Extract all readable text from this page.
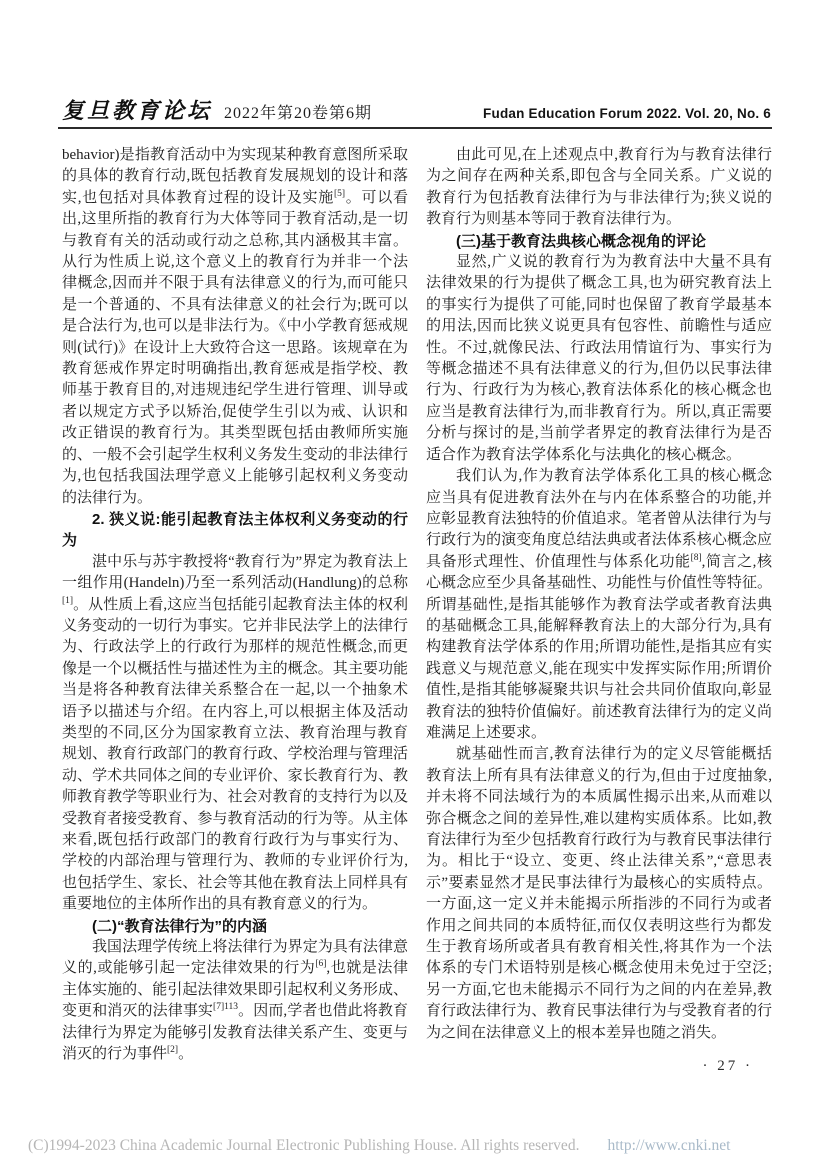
复旦教育论坛 2022年第20卷第6期	Fudan Education Forum 2022. Vol. 20, No. 6

behavior)是指教育活动中为实现某种教育意图所采取的具体的教育行动,既包括教育发展规划的设计和落实,也包括对具体教育过程的设计及实施[5]。可以看出,这里所指的教育行为大体等同于教育活动,是一切与教育有关的活动或行动之总称,其内涵极其丰富。从行为性质上说,这个意义上的教育行为并非一个法律概念,因而并不限于具有法律意义的行为,而可能只是一个普通的、不具有法律意义的社会行为;既可以是合法行为,也可以是非法行为。《中小学教育惩戒规则(试行)》在设计上大致符合这一思路。该规章在为教育惩戒作界定时明确指出,教育惩戒是指学校、教师基于教育目的,对违规违纪学生进行管理、训导或者以规定方式予以矫治,促使学生引以为戒、认识和改正错误的教育行为。其类型既包括由教师所实施的、一般不会引起学生权利义务发生变动的非法律行为,也包括我国法理学意义上能够引起权利义务变动的法律行为。

2. 狭义说:能引起教育法主体权利义务变动的行为

湛中乐与苏宇教授将“教育行为”界定为教育法上一组作用(Handeln)乃至一系列活动(Handlung)的总称[1]。从性质上看,这应当包括能引起教育法主体的权利义务变动的一切行为事实。它并非民法学上的法律行为、行政法学上的行政行为那样的规范性概念,而更像是一个以概括性与描述性为主的概念。其主要功能当是将各种教育法律关系整合在一起,以一个抽象术语予以描述与介绍。在内容上,可以根据主体及活动类型的不同,区分为国家教育立法、教育治理与教育规划、教育行政部门的教育行政、学校治理与管理活动、学术共同体之间的专业评价、家长教育行为、教师教育教学等职业行为、社会对教育的支持行为以及受教育者接受教育、参与教育活动的行为等。从主体来看,既包括行政部门的教育行政行为与事实行为、学校的内部治理与管理行为、教师的专业评价行为,也包括学生、家长、社会等其他在教育法上同样具有重要地位的主体所作出的具有教育意义的行为。

(二)“教育法律行为”的内涵

我国法理学传统上将法律行为界定为具有法律意义的,或能够引起一定法律效果的行为[6],也就是法律主体实施的、能引起法律效果即引起权利义务形成、变更和消灭的法律事实$^{[7]113}$。因而,学者也借此将教育法律行为界定为能够引发教育法律关系产生、变更与消灭的行为事件[2]。

由此可见,在上述观点中,教育行为与教育法律行为之间存在两种关系,即包含与全同关系。广义说的教育行为包括教育法律行为与非法律行为;狭义说的教育行为则基本等同于教育法律行为。

(三)基于教育法典核心概念视角的评论

显然,广义说的教育行为为教育法中大量不具有法律效果的行为提供了概念工具,也为研究教育法上的事实行为提供了可能,同时也保留了教育学最基本的用法,因而比狭义说更具有包容性、前瞻性与适应性。不过,就像民法、行政法用情谊行为、事实行为等概念描述不具有法律意义的行为,但仍以民事法律行为、行政行为为核心,教育法体系化的核心概念也应当是教育法律行为,而非教育行为。所以,真正需要分析与探讨的是,当前学者界定的教育法律行为是否适合作为教育法学体系化与法典化的核心概念。

我们认为,作为教育法学体系化工具的核心概念应当具有促进教育法外在与内在体系整合的功能,并应彰显教育法独特的价值追求。笔者曾从法律行为与行政行为的演变角度总结法典或者法体系核心概念应具备形式理性、价值理性与体系化功能[8],简言之,核心概念应至少具备基础性、功能性与价值性等特征。所谓基础性,是指其能够作为教育法学或者教育法典的基础概念工具,能解释教育法上的大部分行为,具有构建教育法学体系的作用;所谓功能性,是指其应有实践意义与规范意义,能在现实中发挥实际作用;所谓价值性,是指其能够凝聚共识与社会共同价值取向,彰显教育法的独特价值偏好。前述教育法律行为的定义尚难满足上述要求。

就基础性而言,教育法律行为的定义尽管能概括教育法上所有具有法律意义的行为,但由于过度抽象,并未将不同法域行为的本质属性揭示出来,从而难以弥合概念之间的差异性,难以建构实质体系。比如,教育法律行为至少包括教育行政行为与教育民事法律行为。相比于“设立、变更、终止法律关系”,“意思表示”要素显然才是民事法律行为最核心的实质特点。一方面,这一定义并未能揭示所指涉的不同行为或者作用之间共同的本质特征,而仅仅表明这些行为都发生于教育场所或者具有教育相关性,将其作为一个法体系的专门术语特别是核心概念使用未免过于空泛;另一方面,它也未能揭示不同行为之间的内在差异,教育行政法律行为、教育民事法律行为与受教育者的行为之间在法律意义上的根本差异也随之消失。

· 27 ·
(C)1994-2023 China Academic Journal Electronic Publishing House. All rights reserved. http://www.cnki.net
